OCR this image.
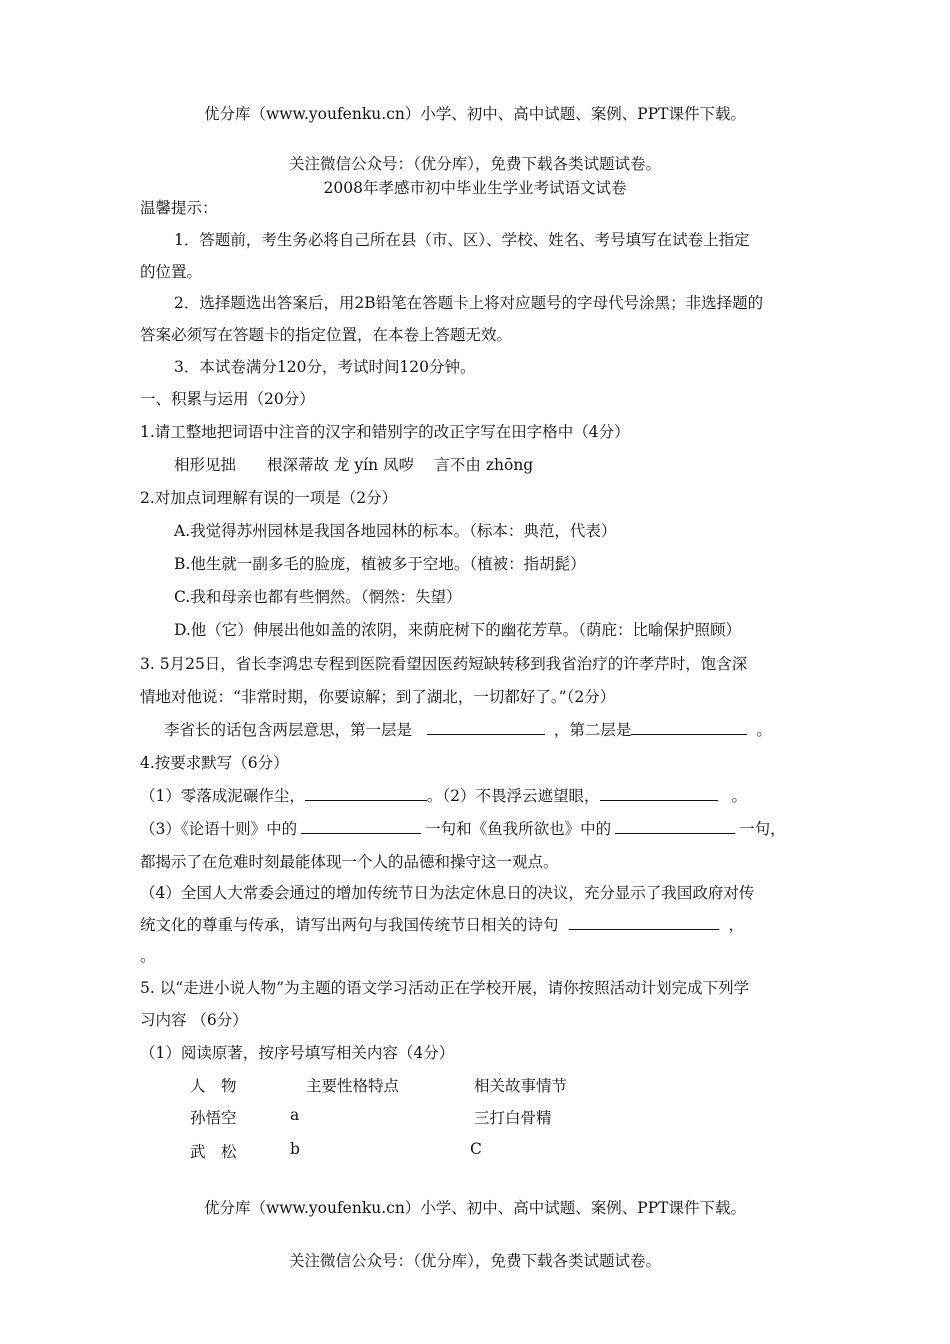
优分库（www.youfenku.cn）小学、初中、高中试题、案例、PPT课件下载。
关注微信公众号：（优分库），免费下载各类试题试卷。
2008年孝感市初中毕业生学业考试语文试卷
温馨提示：
1．答题前，考生务必将自己所在县（市、区）、学校、姓名、考号填写在试卷上指定
的位置。
2．选择题选出答案后，用2B铅笔在答题卡上将对应题号的字母代号涂黑；非选择题的
答案必须写在答题卡的指定位置，在本卷上答题无效。
3．本试卷满分120分，考试时间120分钟。
一、积累与运用（20分）
1.请工整地把词语中注音的汉字和错别字的改正字写在田字格中（4分）
相形见拙　　根深蒂故 龙 yín 凤哕　 言不由 zhōng
2.对加点词理解有误的一项是（2分）
A.我觉得苏州园林是我国各地园林的标本。（标本：典范，代表）
B.他生就一副多毛的脸庞，植被多于空地。（植被：指胡髭）
C.我和母亲也都有些惘然。（惘然：失望）
D.他（它）伸展出他如盖的浓阴，来荫庇树下的幽花芳草。（荫庇：比喻保护照顾）
3. 5月25日，省长李鸿忠专程到医院看望因医药短缺转移到我省治疗的许孝芹时，饱含深
情地对他说：“非常时期，你要谅解；到了湖北，一切都好了。”（2分）
李省长的话包含两层意思，第一层是	，第二层是	。
4.按要求默写（6分）
（1）零落成泥碾作尘，	。（2）不畏浮云遮望眼，	。
（3）《论语十则》中的	一句和《鱼我所欲也》中的	一句，
都揭示了在危难时刻最能体现一个人的品德和操守这一观点。
（4）全国人大常委会通过的增加传统节日为法定休息日的决议，充分显示了我国政府对传
统文化的尊重与传承，请写出两句与我国传统节日相关的诗句	，
。
5. 以“走进小说人物”为主题的语文学习活动正在学校开展，请你按照活动计划完成下列学
习内容 （6分）
（1）阅读原著，按序号填写相关内容（4分）
人　物	主要性格特点	相关故事情节
孙悟空	a	三打白骨精
武　松	b	C
优分库（www.youfenku.cn）小学、初中、高中试题、案例、PPT课件下载。
关注微信公众号：（优分库），免费下载各类试题试卷。
